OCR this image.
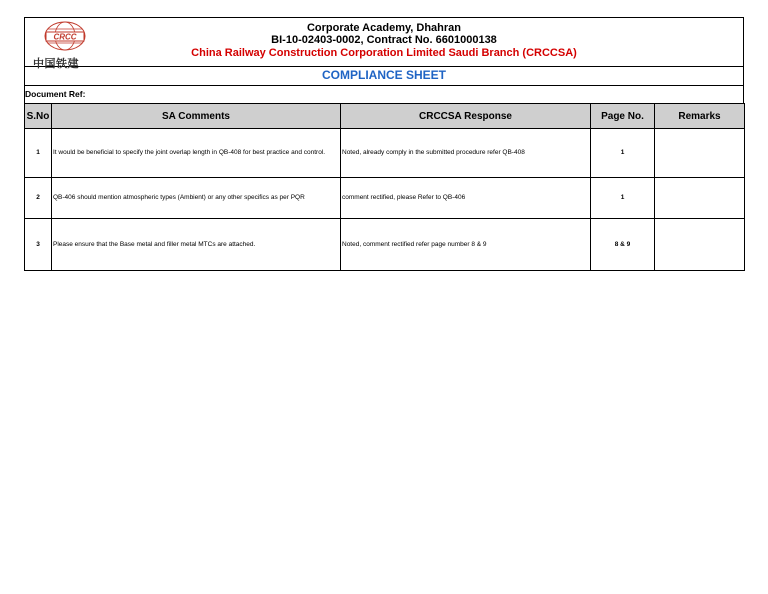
CRCC
中国铁建
Corporate Academy, Dhahran
BI-10-02403-0002, Contract No. 6601000138
China Railway Construction Corporation Limited Saudi Branch (CRCCSA)
COMPLIANCE SHEET
Document Ref:
S.No	SA Comments	CRCCSA Response	Page No.	Remarks
1	It would be beneficial to specify the joint overlap length in QB-408 for best practice and control.	Noted, already comply in the submitted procedure refer QB-408	1	
2	QB-406 should mention atmospheric types (Ambient) or any other specifics as per PQR	comment rectified, please Refer to QB-406	1	
3	Please ensure that the Base metal and filler metal MTCs are attached.	Noted, comment rectified refer page number 8 & 9	8 & 9	
